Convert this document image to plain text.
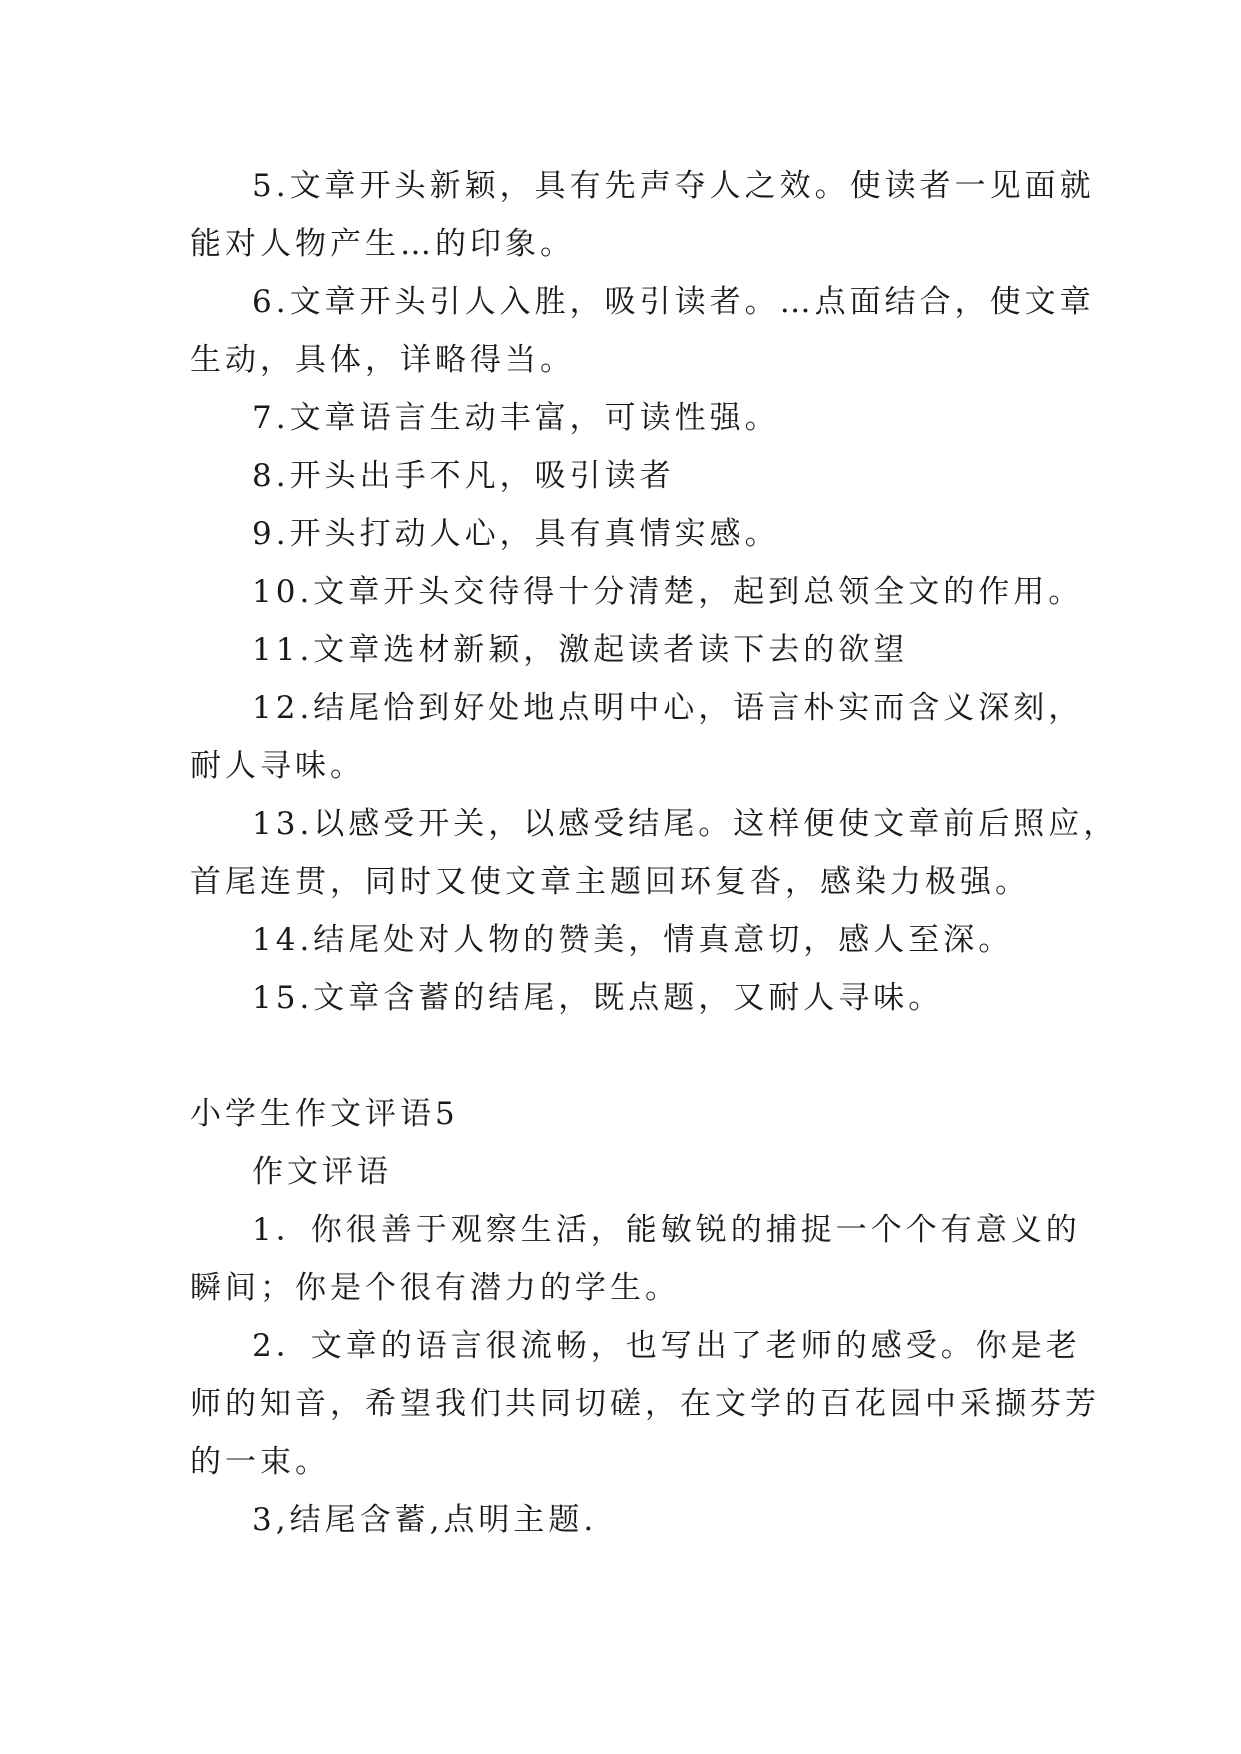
5.文章开头新颖，具有先声夺人之效。使读者一见面就
能对人物产生…的印象。
6.文章开头引人入胜，吸引读者。…点面结合，使文章
生动，具体，详略得当。
7.文章语言生动丰富，可读性强。
8.开头出手不凡，吸引读者
9.开头打动人心，具有真情实感。
10.文章开头交待得十分清楚，起到总领全文的作用。
11.文章选材新颖，激起读者读下去的欲望
12.结尾恰到好处地点明中心，语言朴实而含义深刻，
耐人寻味。
13.以感受开关，以感受结尾。这样便使文章前后照应，
首尾连贯，同时又使文章主题回环复沓，感染力极强。
14.结尾处对人物的赞美，情真意切，感人至深。
15.文章含蓄的结尾，既点题，又耐人寻味。
小学生作文评语5
作文评语
1．你很善于观察生活，能敏锐的捕捉一个个有意义的
瞬间；你是个很有潜力的学生。
2．文章的语言很流畅，也写出了老师的感受。你是老
师的知音，希望我们共同切磋，在文学的百花园中采撷芬芳
的一束。
3,结尾含蓄,点明主题.
